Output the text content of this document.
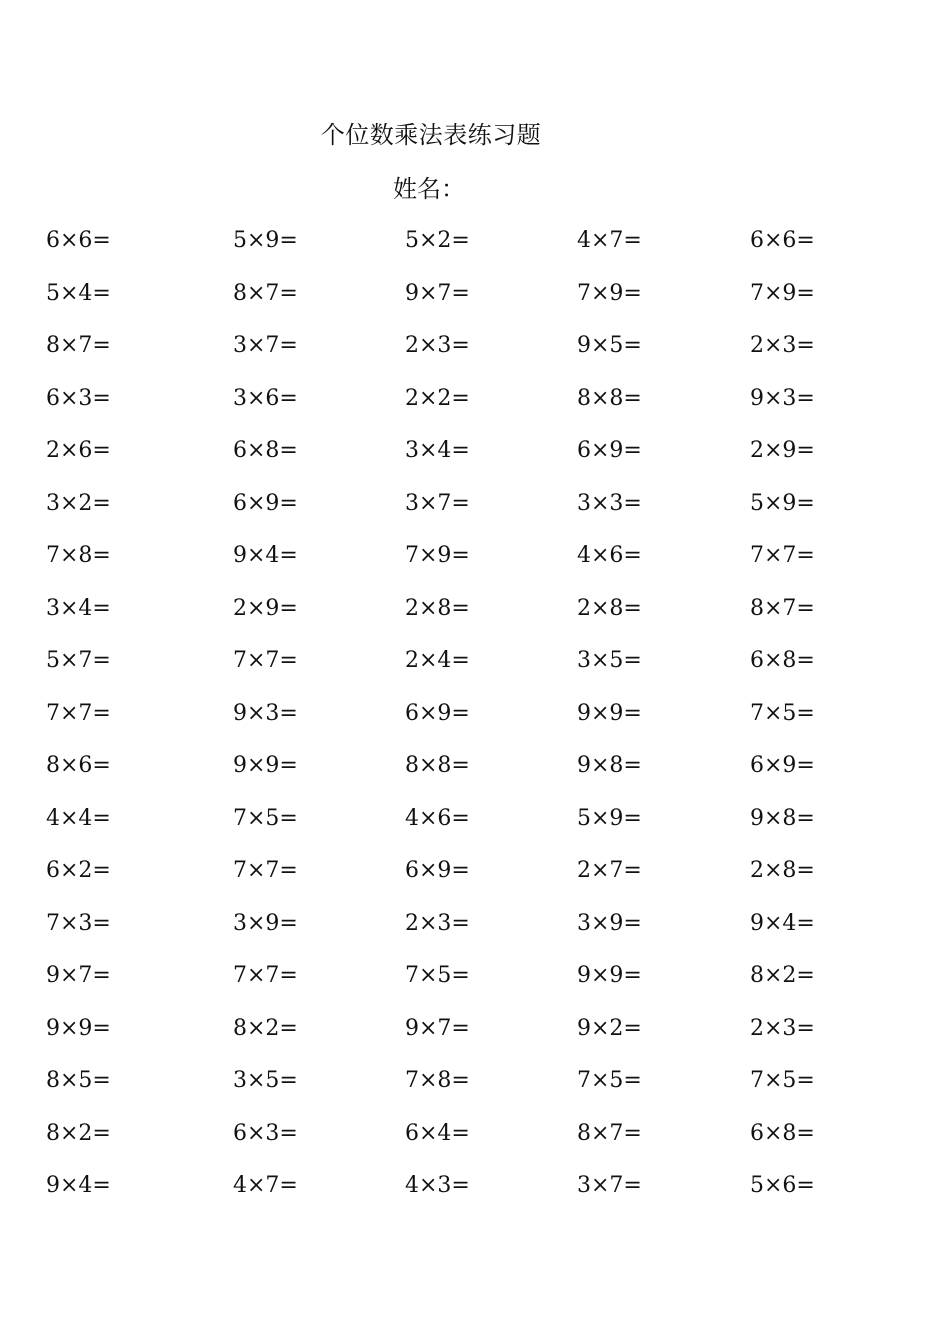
个位数乘法表练习题
姓名：
6×6=	5×9=	5×2=	4×7=	6×6=
5×4=	8×7=	9×7=	7×9=	7×9=
8×7=	3×7=	2×3=	9×5=	2×3=
6×3=	3×6=	2×2=	8×8=	9×3=
2×6=	6×8=	3×4=	6×9=	2×9=
3×2=	6×9=	3×7=	3×3=	5×9=
7×8=	9×4=	7×9=	4×6=	7×7=
3×4=	2×9=	2×8=	2×8=	8×7=
5×7=	7×7=	2×4=	3×5=	6×8=
7×7=	9×3=	6×9=	9×9=	7×5=
8×6=	9×9=	8×8=	9×8=	6×9=
4×4=	7×5=	4×6=	5×9=	9×8=
6×2=	7×7=	6×9=	2×7=	2×8=
7×3=	3×9=	2×3=	3×9=	9×4=
9×7=	7×7=	7×5=	9×9=	8×2=
9×9=	8×2=	9×7=	9×2=	2×3=
8×5=	3×5=	7×8=	7×5=	7×5=
8×2=	6×3=	6×4=	8×7=	6×8=
9×4=	4×7=	4×3=	3×7=	5×6=
